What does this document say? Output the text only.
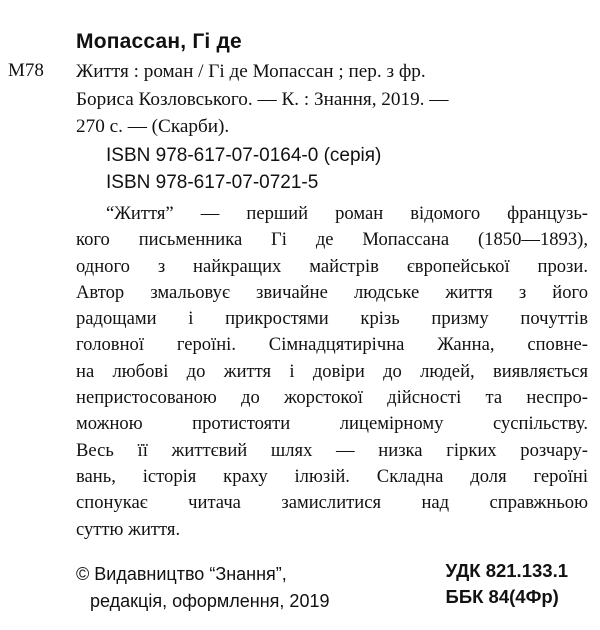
Мопассан, Гі де
М78 Життя : роман / Гі де Мопассан ; пер. з фр.
Бориса Козловського. — К. : Знання, 2019. —
270 с. — (Скарби).
ISBN 978-617-07-0164-0 (серія)
ISBN 978-617-07-0721-5
“Життя” — перший роман відомого французь-
кого письменника Гі де Мопассана (1850—1893),
одного з найкращих майстрів європейської прози.
Автор змальовує звичайне людське життя з його
радощами і прикростями крізь призму почуттів
головної героїні. Сімнадцятирічна Жанна, сповне-
на любові до життя і довіри до людей, виявляється
непристосованою до жорстокої дійсності та неспро-
можною протистояти лицемірному суспільству.
Весь її життєвий шлях — низка гірких розчару-
вань, історія краху ілюзій. Складна доля героїні
спонукає читача замислитися над справжньою
суттю життя.
УДК 821.133.1
ББК 84(4Фр)
© Видавництво “Знання”,
редакція, оформлення, 2019
